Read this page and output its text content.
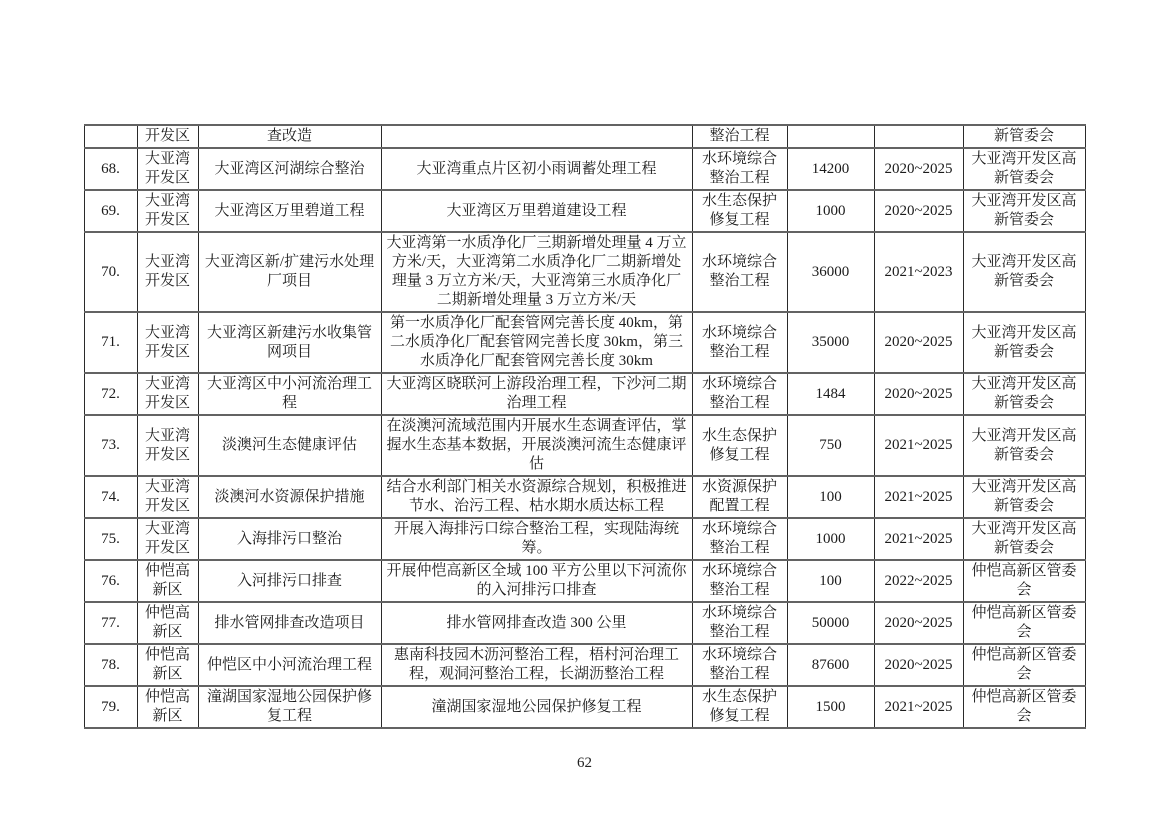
	开发区	查改造		整治工程			新管委会
68.	大亚湾开发区	大亚湾区河湖综合整治	大亚湾重点片区初小雨调蓄处理工程	水环境综合整治工程	14200	2020~2025	大亚湾开发区高新管委会
69.	大亚湾开发区	大亚湾区万里碧道工程	大亚湾区万里碧道建设工程	水生态保护修复工程	1000	2020~2025	大亚湾开发区高新管委会
70.	大亚湾开发区	大亚湾区新/扩建污水处理厂项目	大亚湾第一水质净化厂三期新增处理量 4 万立方米/天，大亚湾第二水质净化厂二期新增处理量 3 万立方米/天，大亚湾第三水质净化厂二期新增处理量 3 万立方米/天	水环境综合整治工程	36000	2021~2023	大亚湾开发区高新管委会
71.	大亚湾开发区	大亚湾区新建污水收集管网项目	第一水质净化厂配套管网完善长度 40km，第二水质净化厂配套管网完善长度 30km，第三水质净化厂配套管网完善长度 30km	水环境综合整治工程	35000	2020~2025	大亚湾开发区高新管委会
72.	大亚湾开发区	大亚湾区中小河流治理工程	大亚湾区晓联河上游段治理工程，下沙河二期治理工程	水环境综合整治工程	1484	2020~2025	大亚湾开发区高新管委会
73.	大亚湾开发区	淡澳河生态健康评估	在淡澳河流域范围内开展水生态调查评估，掌握水生态基本数据，开展淡澳河流生态健康评估	水生态保护修复工程	750	2021~2025	大亚湾开发区高新管委会
74.	大亚湾开发区	淡澳河水资源保护措施	结合水利部门相关水资源综合规划，积极推进节水、治污工程、枯水期水质达标工程	水资源保护配置工程	100	2021~2025	大亚湾开发区高新管委会
75.	大亚湾开发区	入海排污口整治	开展入海排污口综合整治工程，实现陆海统筹。	水环境综合整治工程	1000	2021~2025	大亚湾开发区高新管委会
76.	仲恺高新区	入河排污口排查	开展仲恺高新区全域 100 平方公里以下河流你的入河排污口排查	水环境综合整治工程	100	2022~2025	仲恺高新区管委会
77.	仲恺高新区	排水管网排查改造项目	排水管网排查改造 300 公里	水环境综合整治工程	50000	2020~2025	仲恺高新区管委会
78.	仲恺高新区	仲恺区中小河流治理工程	惠南科技园木沥河整治工程，梧村河治理工程，观洞河整治工程，长湖沥整治工程	水环境综合整治工程	87600	2020~2025	仲恺高新区管委会
79.	仲恺高新区	潼湖国家湿地公园保护修复工程	潼湖国家湿地公园保护修复工程	水生态保护修复工程	1500	2021~2025	仲恺高新区管委会
62
